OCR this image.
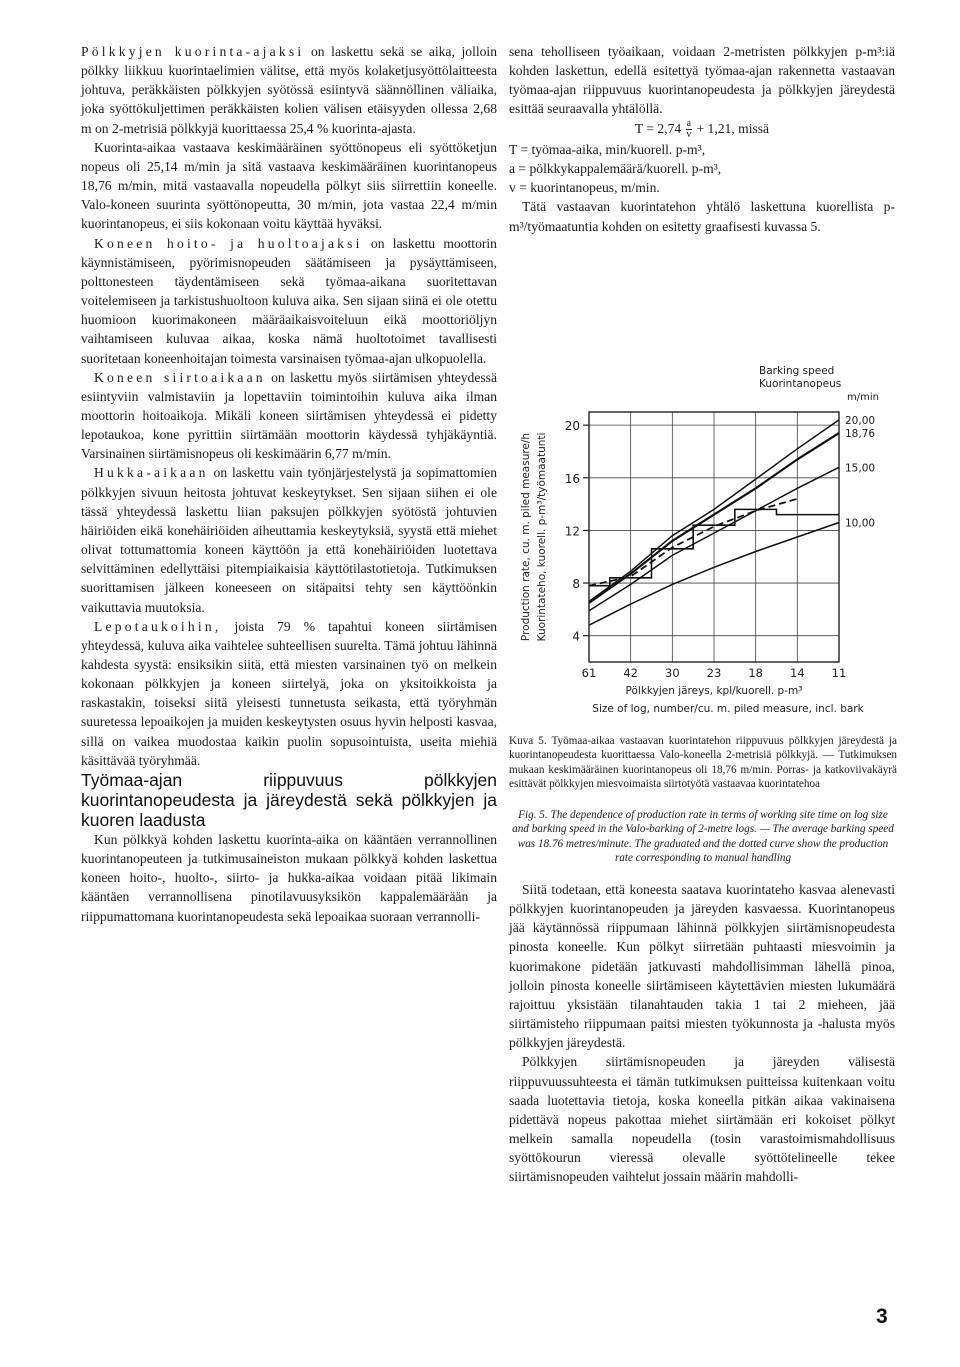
Pölkkyjen kuorinta-ajaksi on laskettu sekä se aika, jolloin pölkky liikkuu kuorintaelimien välitse, että myös kolaketjusyöttölaitteesta johtuva, peräkkäisten pölkkyjen syötössä esiintyvä säännöllinen väliaika, joka syöttökuljettimen peräkkäisten kolien välisen etäisyyden ollessa 2,68 m on 2-metrisiä pölkkyjä kuorittaessa 25,4 % kuorinta-ajasta.

Kuorinta-aikaa vastaava keskimääräinen syöttönopeus eli syöttöketjun nopeus oli 25,14 m/min ja sitä vastaava keskimääräinen kuorintanopeus 18,76 m/min, mitä vastaavalla nopeudella pölkyt siis siirrettiin koneelle. Valo-koneen suurinta syöttönopeutta, 30 m/min, jota vastaa 22,4 m/min kuorintanopeus, ei siis kokonaan voitu käyttää hyväksi.

Koneen hoito- ja huoltoajaksi on laskettu moottorin käynnistämiseen, pyörimisnopeuden säätämiseen ja pysäyttämiseen, polttonesteen täydentämiseen sekä työmaa-aikana suoritettavan voitelemiseen ja tarkistushuoltoon kuluva aika. Sen sijaan siinä ei ole otettu huomioon kuorimakoneen määräaikaisvoiteluun eikä moottoriöljyn vaihtamiseen kuluvaa aikaa, koska nämä huoltotoimet tavallisesti suoritetaan koneenhoitajan toimesta varsinaisen työmaa-ajan ulkopuolella.

Koneen siirtoaikaan on laskettu myös siirtämisen yhteydessä esiintyviin valmistaviin ja lopettaviin toimintoihin kuluva aika ilman moottorin hoitoaikoja. Mikäli koneen siirtämisen yhteydessä ei pidetty lepotaukoa, kone pyrittiin siirtämään moottorin käydessä tyhjäkäyntiä. Varsinainen siirtämisnopeus oli keskimäärin 6,77 m/min.

Hukka-aikaan on laskettu vain työnjärjestelystä ja sopimattomien pölkkyjen sivuun heitosta johtuvat keskeytykset. Sen sijaan siihen ei ole tässä yhteydessä laskettu liian paksujen pölkkyjen syötöstä johtuvien häiriöiden eikä konehäiriöiden aiheuttamia keskeytyksiä, syystä että miehet olivat tottumattomia koneen käyttöön ja että konehäiriöiden luotettava selvittäminen edellyttäisi pitempiaikaisia käyttötilastotietoja. Tutkimuksen suorittamisen jälkeen koneeseen on sitäpaitsi tehty sen käyttöönkin vaikuttavia muutoksia.

Lepotaukoihin, joista 79 % tapahtui koneen siirtämisen yhteydessä, kuluva aika vaihtelee suhteellisen suurelta. Tämä johtuu lähinnä kahdesta syystä: ensiksikin siitä, että miesten varsinainen työ on melkein kokonaan pölkkyjen ja koneen siirtelyä, joka on yksitoikkoista ja raskastakin, toiseksi siitä yleisesti tunnetusta seikasta, että työryhmän suuretessa lepoaikojen ja muiden keskeytysten osuus hyvin helposti kasvaa, sillä on vaikea muodostaa kaikin puolin sopusointuista, useita miehiä käsittävää työryhmää.

Työmaa-ajan riippuvuus pölkkyjen kuorintanopeudesta ja järeydestä sekä pölkkyjen ja kuoren laadusta

Kun pölkkyä kohden laskettu kuorinta-aika on kääntäen verrannollinen kuorintanopeuteen ja tutkimusaineiston mukaan pölkkyä kohden laskettua koneen hoito-, huolto-, siirto- ja hukka-aikaa voidaan pitää likimain kääntäen verrannollisena pinotilavuusyksikön kappalemäärään ja riippumattomana kuorintanopeudesta sekä lepoaikaa suoraan verrannolli-

sena teholliseen työaikaan, voidaan 2-metristen pölkkyjen p-m³:iä kohden laskettun, edellä esitettyä työmaa-ajan rakennetta vastaavan työmaa-ajan riippuvuus kuorintanopeudesta ja pölkkyjen järeydestä esittää seuraavalla yhtälöllä.

$T = 2,74 \frac{a}{v} + 1,21$, missä

T = työmaa-aika, min/kuorell. p-m³,

a = pölkkykappalemäärä/kuorell. p-m³,

v = kuorintanopeus, m/min.

Tätä vastaavan kuorintatehon yhtälö laskettuna kuorellista p-m³/työmaatuntia kohden on esitetty graafisesti kuvassa 5.

4
8
12
16
20
61 42 30 23 18 14 11
20,00
18,76
15,00
10,00
Barking speed
Kuorintanopeus
m/min
Production rate, cu. m. piled measure/h Kuorintateho, kuorell. p-m³/työmaatunti
Pölkkyjen järeys, kpl/kuorell. p-m³
Size of log, number/cu. m. piled measure, incl. bark
Kuva 5. Työmaa-aikaa vastaavan kuorintatehon riippuvuus pölkkyjen järeydestä ja kuorintanopeudesta kuorittaessa Valo-koneella 2-metrisiä pölkkyjä. — Tutkimuksen mukaan keskimääräinen kuorintanopeus oli 18,76 m/min. Porras- ja katkoviivakäyrä esittävät pölkkyjen miesvoimaista siirtotyötä vastaavaa kuorintatehoa
Fig. 5. The dependence of production rate in terms of working site time on log size and barking speed in the Valo-barking of 2-metre logs. — The average barking speed was 18.76 metres/minute. The graduated and the dotted curve show the production rate corresponding to manual handling

Siitä todetaan, että koneesta saatava kuorintateho kasvaa alenevasti pölkkyjen kuorintanopeuden ja järeyden kasvaessa. Kuorintanopeus jää käytännössä riippumaan lähinnä pölkkyjen siirtämisnopeudesta pinosta koneelle. Kun pölkyt siirretään puhtaasti miesvoimin ja kuorimakone pidetään jatkuvasti mahdollisimman lähellä pinoa, jolloin pinosta koneelle siirtämiseen käytettävien miesten lukumäärä rajoittuu yksistään tilanahtauden takia 1 tai 2 mieheen, jää siirtämisteho riippumaan paitsi miesten työkunnosta ja -halusta myös pölkkyjen järeydestä.

Pölkkyjen siirtämisnopeuden ja järeyden välisestä riippuvuussuhteesta ei tämän tutkimuksen puitteissa kuitenkaan voitu saada luotettavia tietoja, koska koneella pitkän aikaa vakinaisena pidettävä nopeus pakottaa miehet siirtämään eri kokoiset pölkyt melkein samalla nopeudella (tosin varastoimismahdollisuus syöttökourun vieressä olevalle syöttötelineelle tekee siirtämisnopeuden vaihtelut jossain määrin mahdolli-

3
